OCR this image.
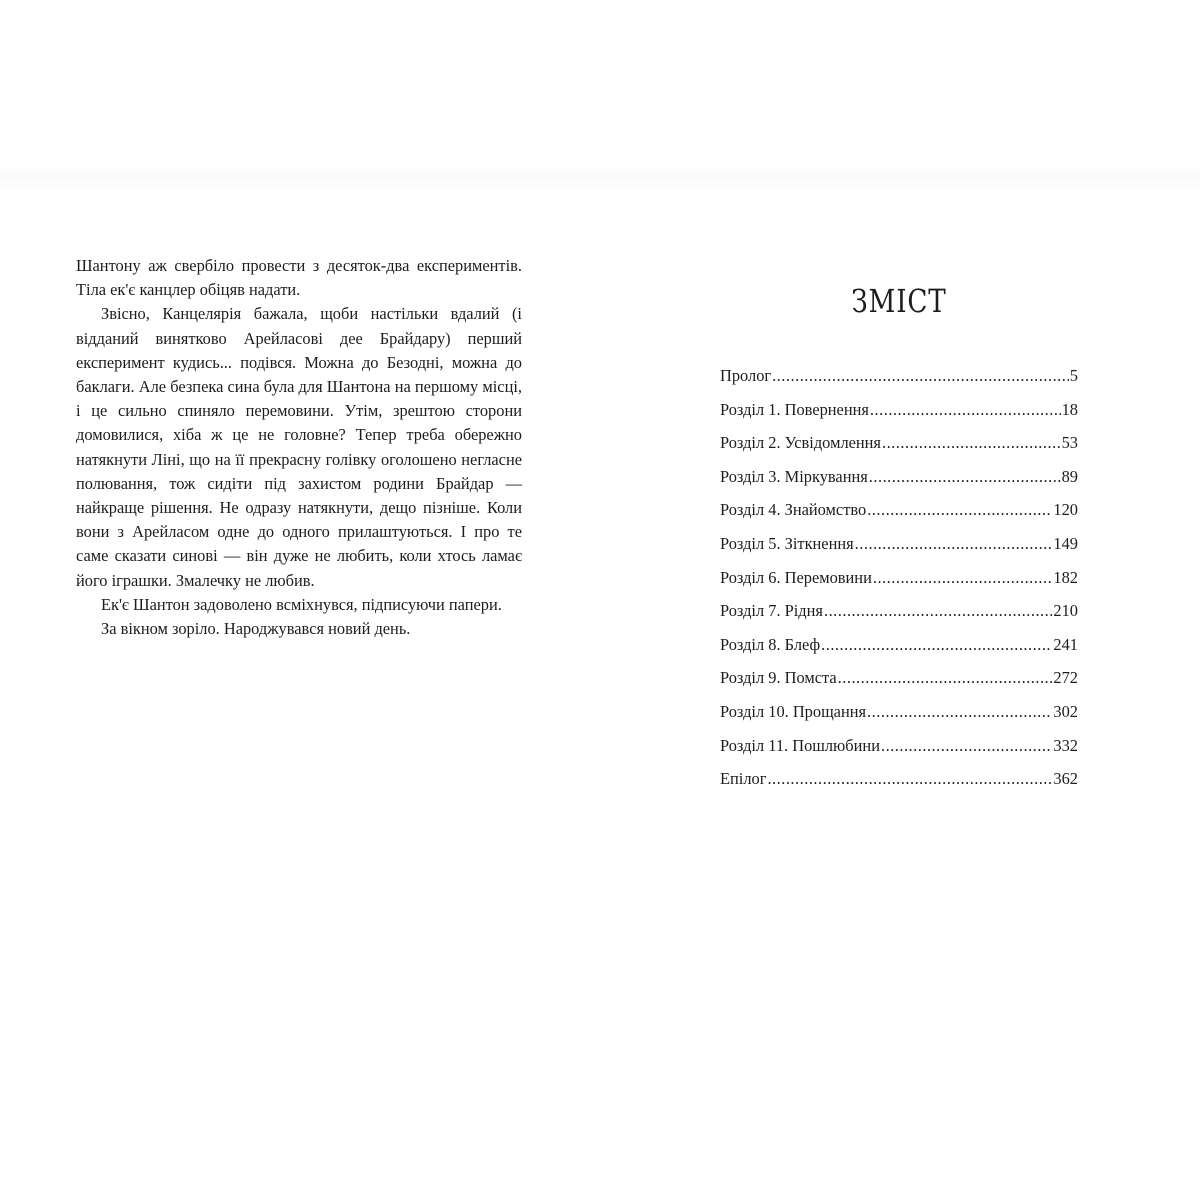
Шантону аж свербіло провести з десяток-два експериментів. Тіла ек'є канцлер обіцяв надати.

Звісно, Канцелярія бажала, щоби настільки вдалий (і відданий винятково Арейласові дее Брайдару) перший експеримент кудись... подівся. Можна до Безодні, можна до баклаги. Але безпека сина була для Шантона на першому місці, і це сильно спиняло перемовини. Утім, зрештою сторони домовилися, хіба ж це не головне? Тепер треба обережно натякнути Ліні, що на її прекрасну голівку оголошено негласне полювання, тож сидіти під захистом родини Брайдар — найкраще рішення. Не одразу натякнути, дещо пізніше. Коли вони з Арейласом одне до одного прилаштуються. І про те саме сказати синові — він дуже не любить, коли хтось ламає його іграшки. Змалечку не любив.

Ек'є Шантон задоволено всміхнувся, підписуючи папери.

За вікном зоріло. Народжувався новий день.

ЗМІСТ
Пролог .....	5
Розділ 1. Повернення .....	18
Розділ 2. Усвідомлення .....	53
Розділ 3. Міркування .....	89
Розділ 4. Знайомство .....	120
Розділ 5. Зіткнення .....	149
Розділ 6. Перемовини .....	182
Розділ 7. Рідня .....	210
Розділ 8. Блеф .....	241
Розділ 9. Помста .....	272
Розділ 10. Прощання .....	302
Розділ 11. Пошлюбини .....	332
Епілог .....	362
